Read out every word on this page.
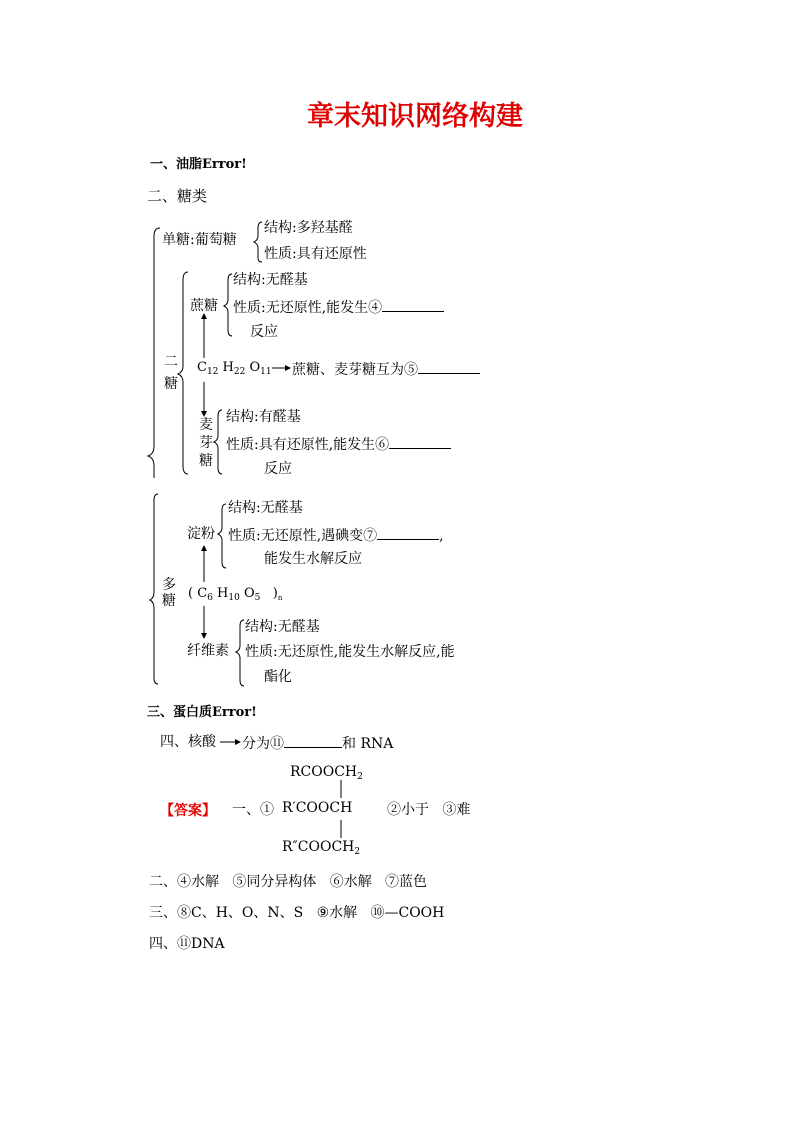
章末知识网络构建
一、油脂Error!
二、糖类
单糖:葡萄糖
结构:多羟基醛
性质:具有还原性
二
糖
蔗糖
结构:无醛基
性质:无还原性,能发生④
反应
$C_{12}$ $H_{22}$ $O_{11}$ 蔗糖、麦芽糖互为⑤
麦
芽
糖
结构:有醛基
性质:具有还原性,能发生⑥
反应
多
糖
淀粉
结构:无醛基
性质:无还原性,遇碘变⑦	,
能发生水解反应
( $C_6$ $H_{10}$ $O_5$ )$_n$
纤维素
结构:无醛基
性质:无还原性,能发生水解反应,能
酯化
三、蛋白质Error!
四、核酸 分为⑪	和 RNA
$RCOOCH_2$
【答案】 一、① R′COOCH ②小于   ③难
$R''COOCH_2$
二、④水解   ⑤同分异构体   ⑥水解   ⑦蓝色
三、⑧C、H、O、N、S   ⑨水解   ⑩—COOH
四、⑪DNA
